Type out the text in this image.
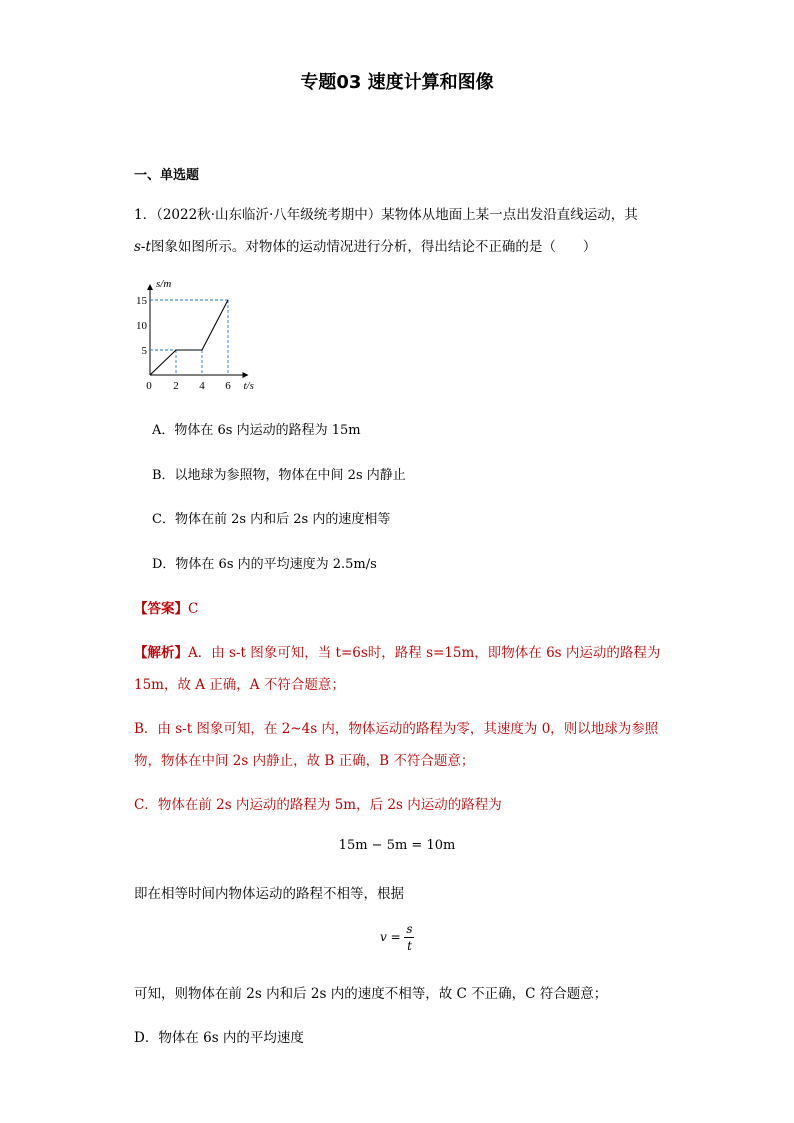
专题03 速度计算和图像
一、单选题
1．（2022秋·山东临沂·八年级统考期中）某物体从地面上某一点出发沿直线运动，其
s-t图象如图所示。对物体的运动情况进行分析，得出结论不正确的是（　　）
2 4 6
5
10
15
0
s/m
t/s
A．物体在 6s 内运动的路程为 15m
B．以地球为参照物，物体在中间 2s 内静止
C．物体在前 2s 内和后 2s 内的速度相等
D．物体在 6s 内的平均速度为 2.5m/s
【答案】C
【解析】A．由 s-t 图象可知，当 t=6s时，路程 s=15m，即物体在 6s 内运动的路程为
15m，故 A 正确，A 不符合题意；
B．由 s-t 图象可知，在 2~4s 内，物体运动的路程为零，其速度为 0，则以地球为参照
物，物体在中间 2s 内静止，故 B 正确，B 不符合题意；
C．物体在前 2s 内运动的路程为 5m，后 2s 内运动的路程为
15m − 5m = 10m
即在相等时间内物体运动的路程不相等，根据
v =
s
t
可知，则物体在前 2s 内和后 2s 内的速度不相等，故 C 不正确，C 符合题意；
D．物体在 6s 内的平均速度
